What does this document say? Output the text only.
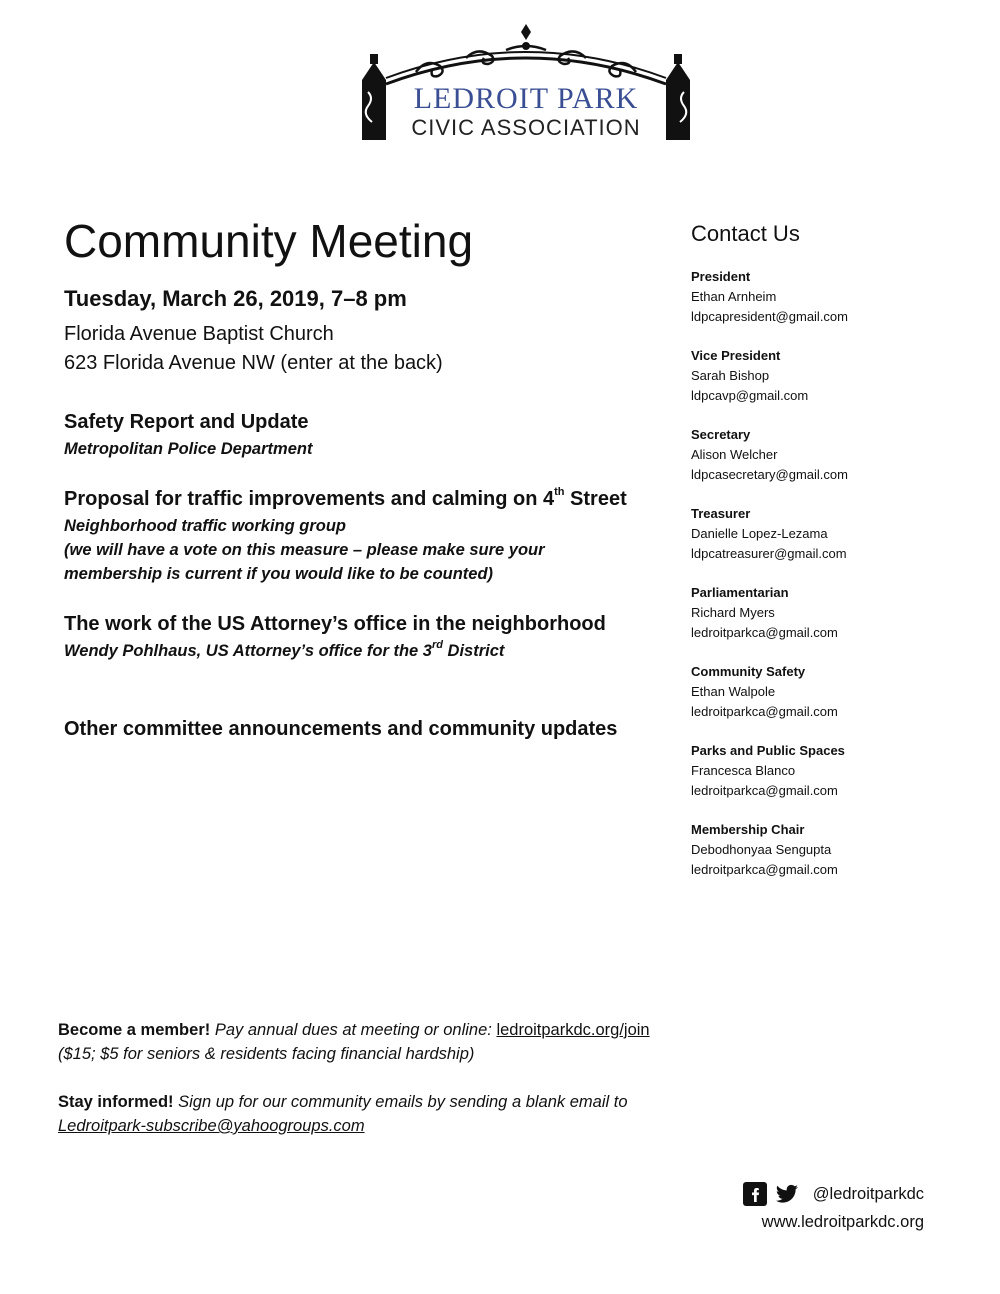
LEDROIT PARK
CIVIC ASSOCIATION
Community Meeting
Tuesday, March 26, 2019, 7–8 pm
Florida Avenue Baptist Church
623 Florida Avenue NW (enter at the back)
Safety Report and Update
Metropolitan Police Department
Proposal for traffic improvements and calming on 4th Street
Neighborhood traffic working group
(we will have a vote on this measure – please make sure your
membership is current if you would like to be counted)
The work of the US Attorney’s office in the neighborhood
Wendy Pohlhaus, US Attorney’s office for the 3rd District
Other committee announcements and community updates
Contact Us
President
Ethan Arnheim
ldpcapresident@gmail.com
Vice President
Sarah Bishop
ldpcavp@gmail.com
Secretary
Alison Welcher
ldpcasecretary@gmail.com
Treasurer
Danielle Lopez-Lezama
ldpcatreasurer@gmail.com
Parliamentarian
Richard Myers
ledroitparkca@gmail.com
Community Safety
Ethan Walpole
ledroitparkca@gmail.com
Parks and Public Spaces
Francesca Blanco
ledroitparkca@gmail.com
Membership Chair
Debodhonyaa Sengupta
ledroitparkca@gmail.com
Become a member! Pay annual dues at meeting or online: ledroitparkdc.org/join
($15; $5 for seniors & residents facing financial hardship)
Stay informed! Sign up for our community emails by sending a blank email to
Ledroitpark-subscribe@yahoogroups.com
@ledroitparkdc
www.ledroitparkdc.org
